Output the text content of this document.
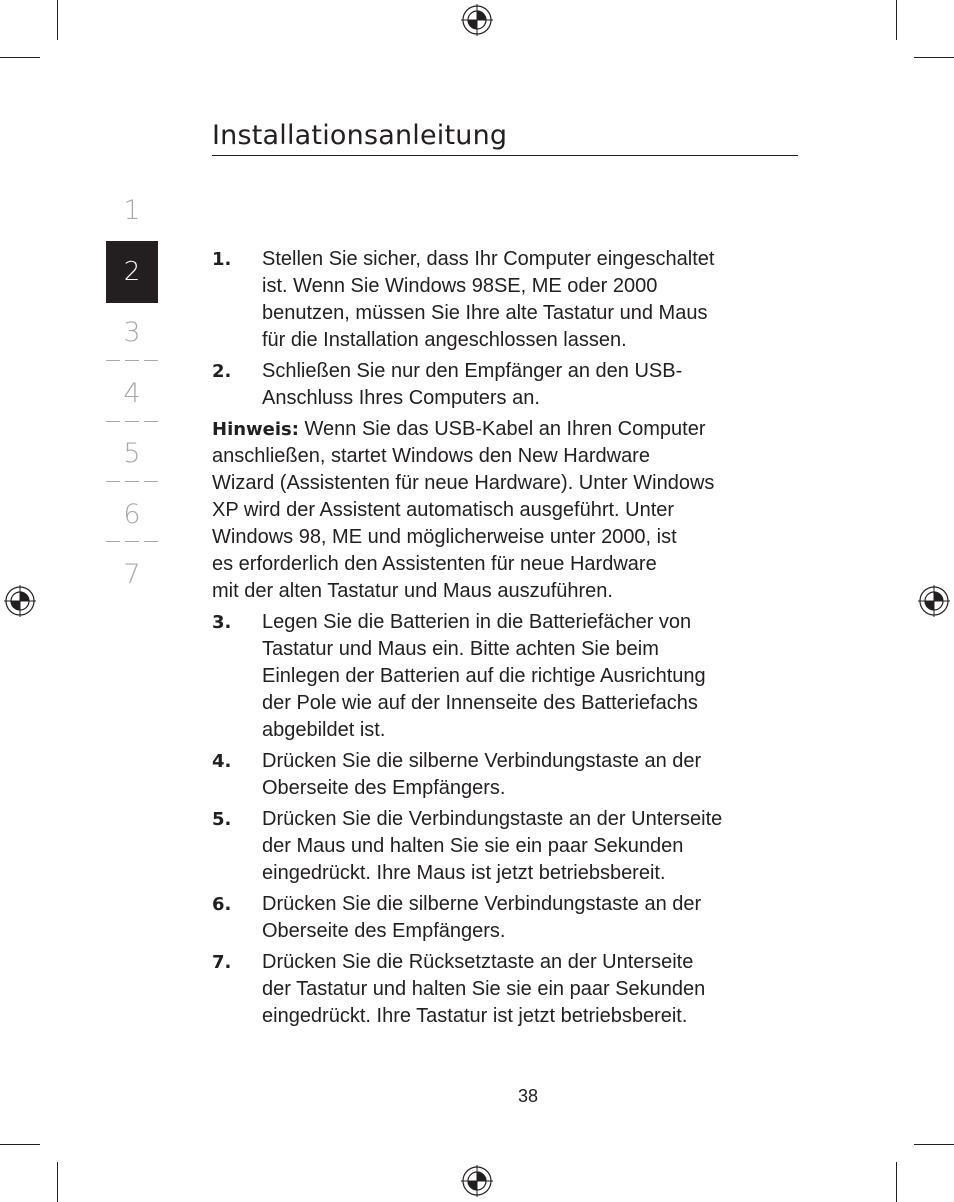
Installationsanleitung
1
2
3
4
5
6
7
1. Stellen Sie sicher, dass Ihr Computer eingeschaltet
ist. Wenn Sie Windows 98SE, ME oder 2000
benutzen, müssen Sie Ihre alte Tastatur und Maus
für die Installation angeschlossen lassen.
2. Schließen Sie nur den Empfänger an den USB-
Anschluss Ihres Computers an.
Hinweis: Wenn Sie das USB-Kabel an Ihren Computer
anschließen, startet Windows den New Hardware
Wizard (Assistenten für neue Hardware). Unter Windows
XP wird der Assistent automatisch ausgeführt. Unter
Windows 98, ME und möglicherweise unter 2000, ist
es erforderlich den Assistenten für neue Hardware
mit der alten Tastatur und Maus auszuführen.
3. Legen Sie die Batterien in die Batteriefächer von
Tastatur und Maus ein. Bitte achten Sie beim
Einlegen der Batterien auf die richtige Ausrichtung
der Pole wie auf der Innenseite des Batteriefachs
abgebildet ist.
4. Drücken Sie die silberne Verbindungstaste an der
Oberseite des Empfängers.
5. Drücken Sie die Verbindungstaste an der Unterseite
der Maus und halten Sie sie ein paar Sekunden
eingedrückt. Ihre Maus ist jetzt betriebsbereit.
6. Drücken Sie die silberne Verbindungstaste an der
Oberseite des Empfängers.
7. Drücken Sie die Rücksetztaste an der Unterseite
der Tastatur und halten Sie sie ein paar Sekunden
eingedrückt. Ihre Tastatur ist jetzt betriebsbereit.
38
